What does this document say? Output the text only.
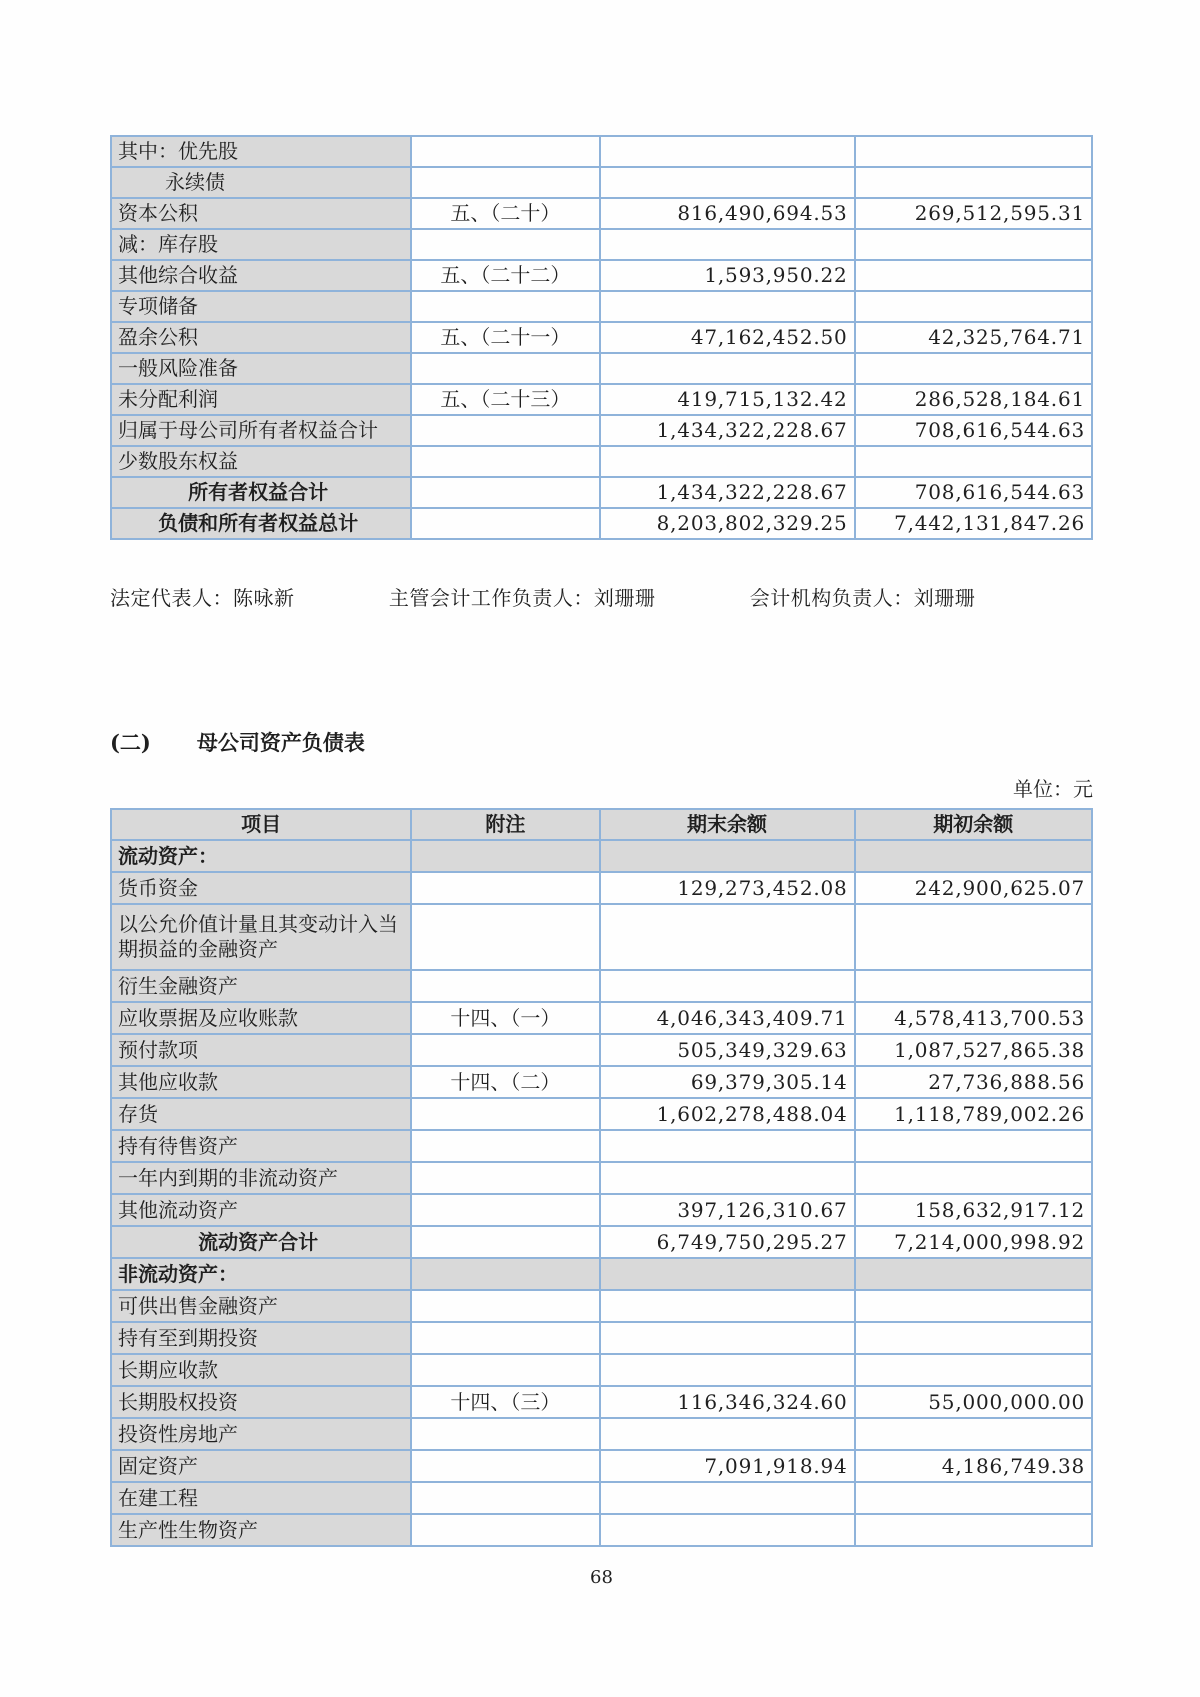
其中：优先股			
永续债			
资本公积	五、（二十）	816,490,694.53	269,512,595.31
减：库存股			
其他综合收益	五、（二十二）	1,593,950.22	
专项储备			
盈余公积	五、（二十一）	47,162,452.50	42,325,764.71
一般风险准备			
未分配利润	五、（二十三）	419,715,132.42	286,528,184.61
归属于母公司所有者权益合计		1,434,322,228.67	708,616,544.63
少数股东权益			
所有者权益合计		1,434,322,228.67	708,616,544.63
负债和所有者权益总计		8,203,802,329.25	7,442,131,847.26
法定代表人：陈咏新	主管会计工作负责人：刘珊珊	会计机构负责人：刘珊珊
(二) 母公司资产负债表
单位：元
项目	附注	期末余额	期初余额
流动资产：			
货币资金		129,273,452.08	242,900,625.07
以公允价值计量且其变动计入当期损益的金融资产			
衍生金融资产			
应收票据及应收账款	十四、（一）	4,046,343,409.71	4,578,413,700.53
预付款项		505,349,329.63	1,087,527,865.38
其他应收款	十四、（二）	69,379,305.14	27,736,888.56
存货		1,602,278,488.04	1,118,789,002.26
持有待售资产			
一年内到期的非流动资产			
其他流动资产		397,126,310.67	158,632,917.12
流动资产合计		6,749,750,295.27	7,214,000,998.92
非流动资产：			
可供出售金融资产			
持有至到期投资			
长期应收款			
长期股权投资	十四、（三）	116,346,324.60	55,000,000.00
投资性房地产			
固定资产		7,091,918.94	4,186,749.38
在建工程			
生产性生物资产			
68
